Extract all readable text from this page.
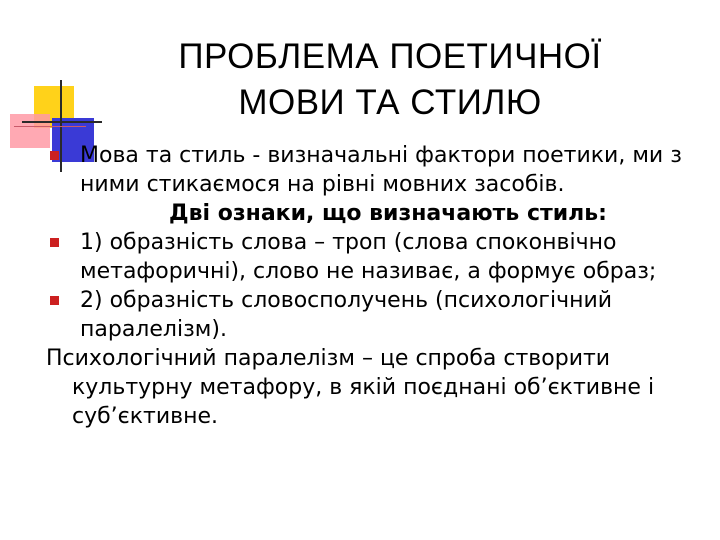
ПРОБЛЕМА ПОЕТИЧНОЇ
МОВИ ТА СТИЛЮ
Мова та стиль - визначальні фактори поетики, ми з ними стикаємося на рівні мовних засобів.
Дві ознаки, що визначають стиль:
1) образність слова – троп (слова споконвічно метафоричні), слово не називає, а формує образ;
2) образність словосполучень (психологічний паралелізм).
Психологічний паралелізм – це спроба створити
культурну метафору, в якій поєднані об’єктивне і суб’єктивне.
